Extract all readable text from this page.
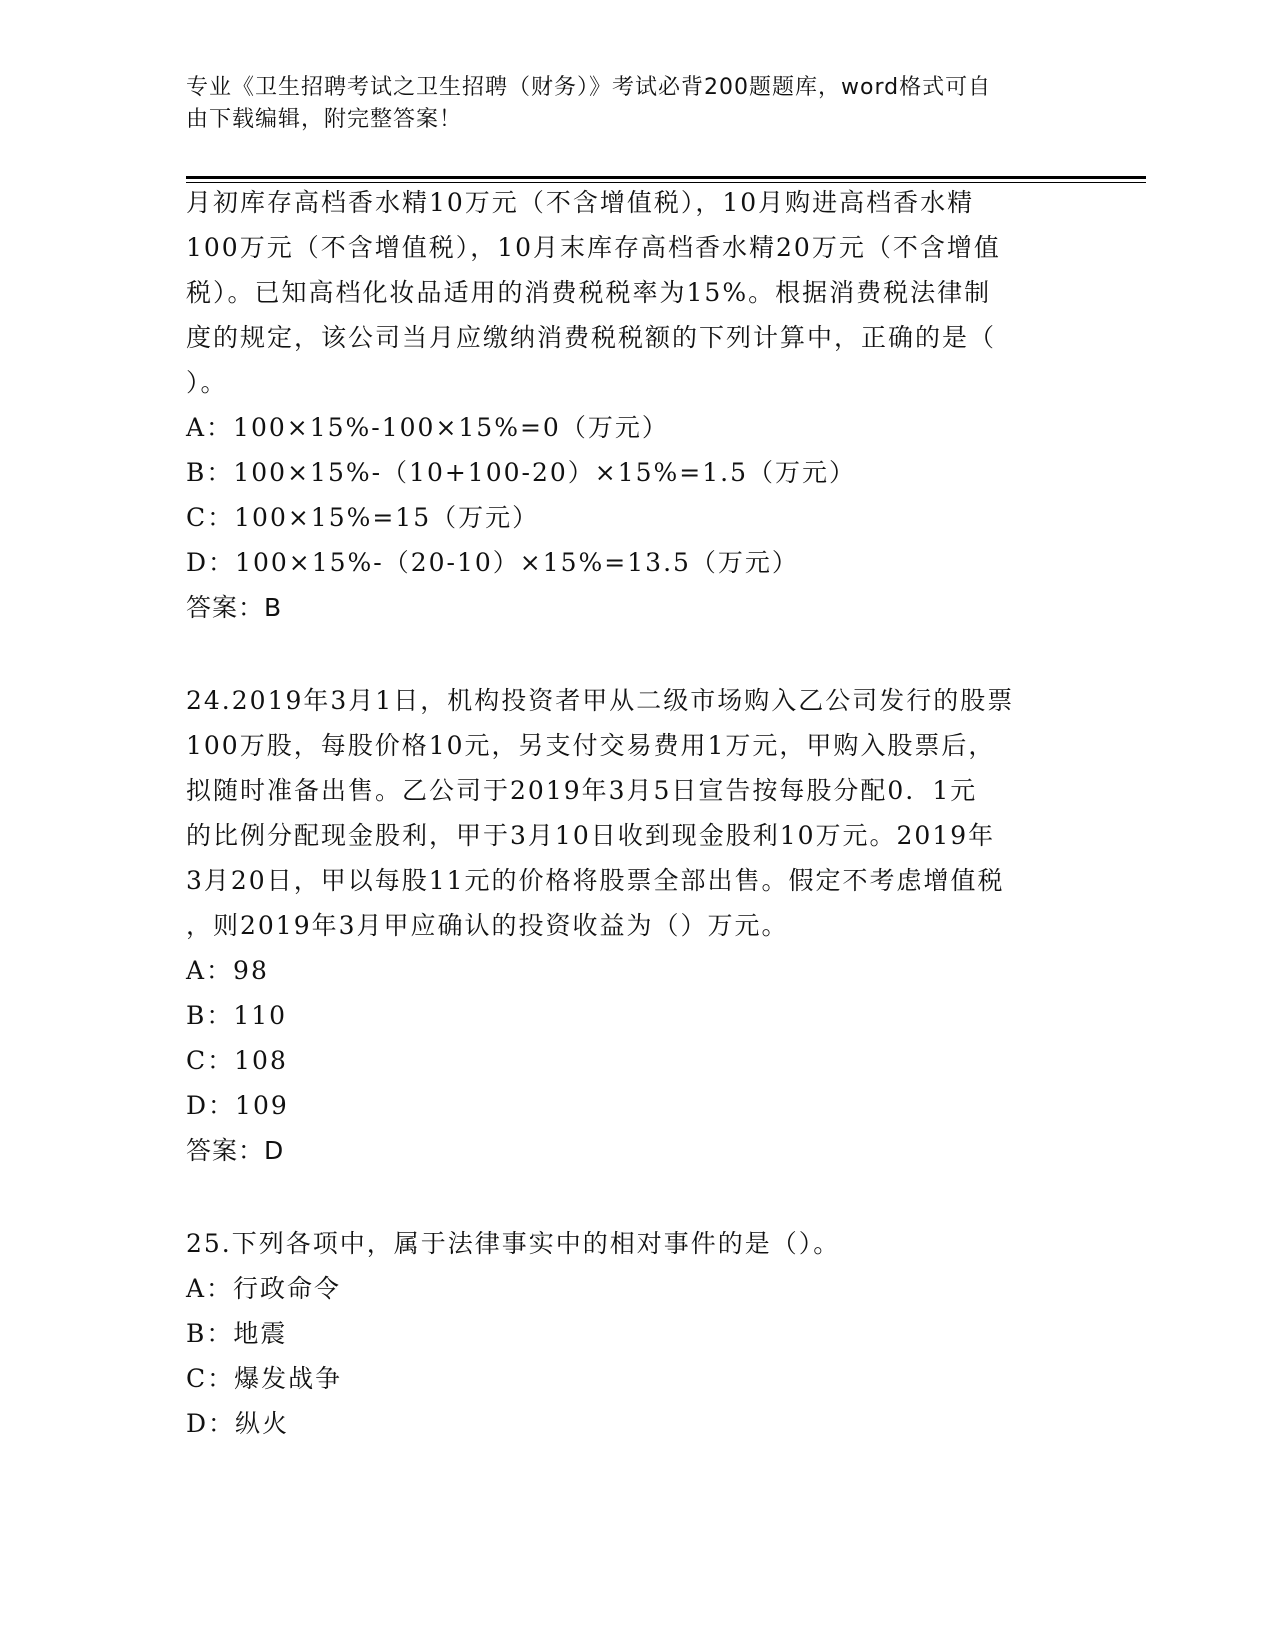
专业《卫生招聘考试之卫生招聘（财务）》考试必背200题题库，word格式可自
由下载编辑，附完整答案！
月初库存高档香水精10万元（不含增值税），10月购进高档香水精
100万元（不含增值税），10月末库存高档香水精20万元（不含增值
税）。已知高档化妆品适用的消费税税率为15%。根据消费税法律制
度的规定，该公司当月应缴纳消费税税额的下列计算中，正确的是（
）。
A：100×15%-100×15%=0（万元）
B：100×15%-（10+100-20）×15%=1.5（万元）
C：100×15%=15（万元）
D：100×15%-（20-10）×15%=13.5（万元）
答案：B
24.2019年3月1日，机构投资者甲从二级市场购入乙公司发行的股票
100万股，每股价格10元，另支付交易费用1万元，甲购入股票后，
拟随时准备出售。乙公司于2019年3月5日宣告按每股分配0．1元
的比例分配现金股利，甲于3月10日收到现金股利10万元。2019年
3月20日，甲以每股11元的价格将股票全部出售。假定不考虑增值税
，则2019年3月甲应确认的投资收益为（）万元。
A：98
B：110
C：108
D：109
答案：D
25.下列各项中，属于法律事实中的相对事件的是（）。
A：行政命令
B：地震
C：爆发战争
D：纵火
